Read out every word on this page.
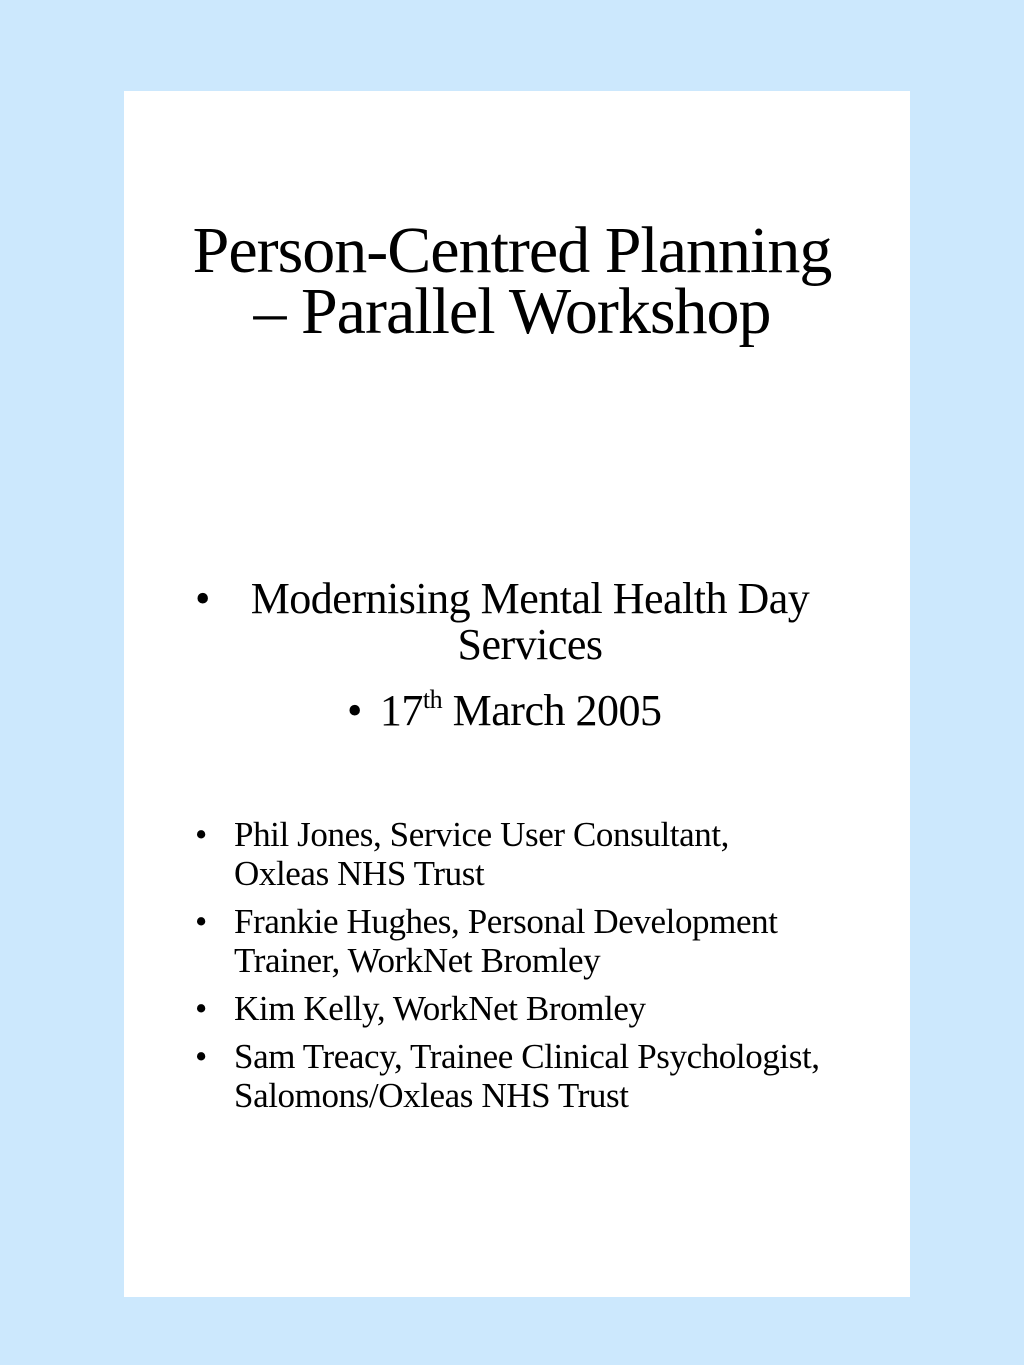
Person-Centred Planning
– Parallel Workshop
• Modernising Mental Health Day
Services
• 17th March 2005
• Phil Jones, Service User Consultant,
Oxleas NHS Trust
• Frankie Hughes, Personal Development
Trainer, WorkNet Bromley
• Kim Kelly, WorkNet Bromley
• Sam Treacy, Trainee Clinical Psychologist,
Salomons/Oxleas NHS Trust
